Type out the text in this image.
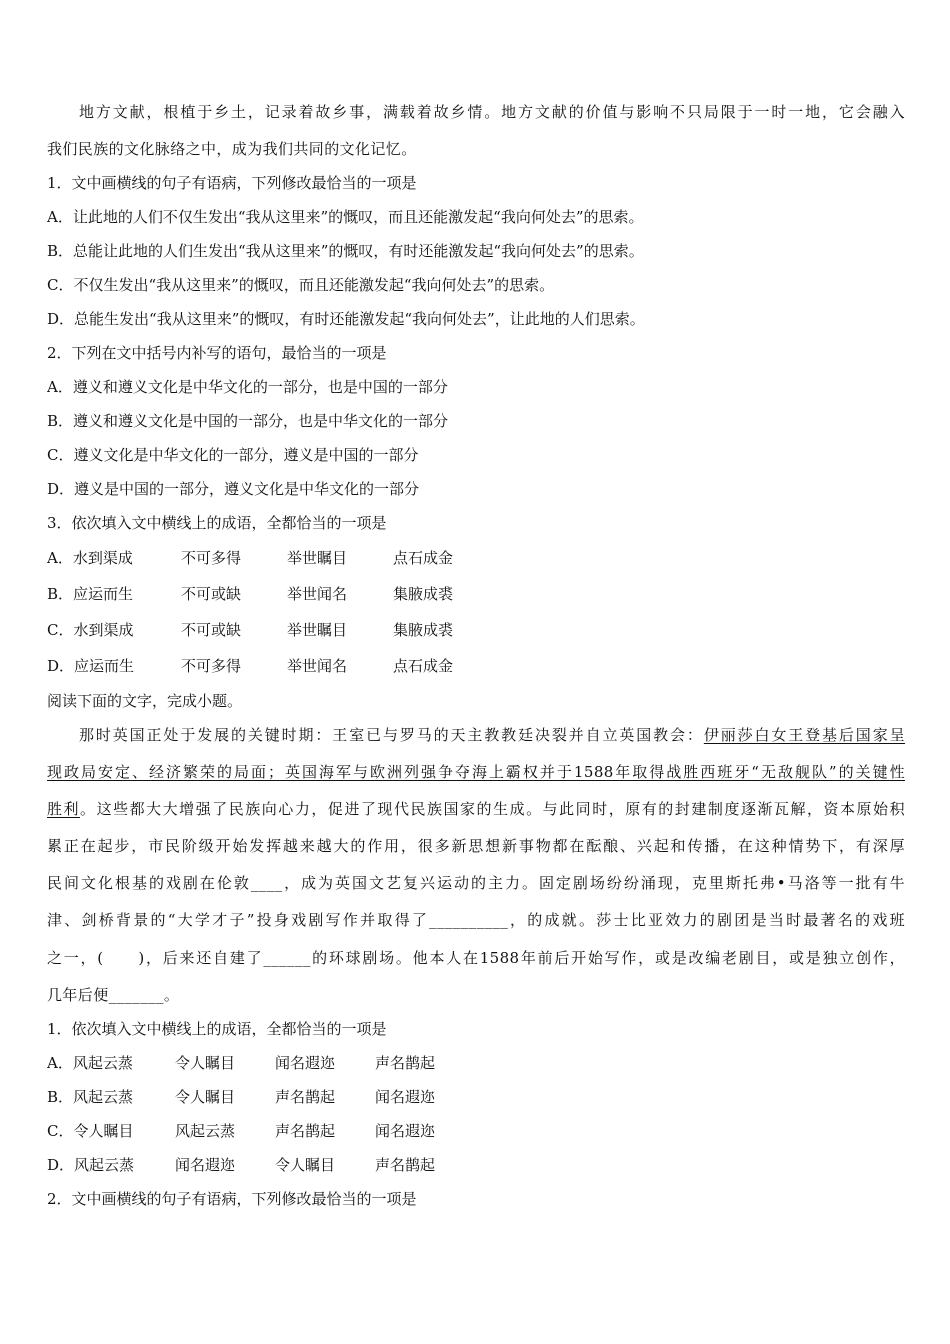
地方文献，根植于乡土，记录着故乡事，满载着故乡情。地方文献的价值与影响不只局限于一时一地，它会融入
我们民族的文化脉络之中，成为我们共同的文化记忆。
1．文中画横线的句子有语病，下列修改最恰当的一项是
A．让此地的人们不仅生发出“我从这里来”的慨叹，而且还能激发起“我向何处去”的思索。
B．总能让此地的人们生发出“我从这里来”的慨叹，有时还能激发起“我向何处去”的思索。
C．不仅生发出“我从这里来”的慨叹，而且还能激发起“我向何处去”的思索。
D．总能生发出“我从这里来”的慨叹，有时还能激发起“我向何处去”，让此地的人们思索。
2．下列在文中括号内补写的语句，最恰当的一项是
A．遵义和遵义文化是中华文化的一部分，也是中国的一部分
B．遵义和遵义文化是中国的一部分，也是中华文化的一部分
C．遵义文化是中华文化的一部分，遵义是中国的一部分
D．遵义是中国的一部分，遵义文化是中华文化的一部分
3．依次填入文中横线上的成语，全都恰当的一项是
A．水到渠成	不可多得	举世瞩目	点石成金
B．应运而生	不可或缺	举世闻名	集腋成裘
C．水到渠成	不可或缺	举世瞩目	集腋成裘
D．应运而生	不可多得	举世闻名	点石成金
阅读下面的文字，完成小题。
那时英国正处于发展的关键时期：王室已与罗马的天主教教廷决裂并自立英国教会：伊丽莎白女王登基后国家呈
现政局安定、经济繁荣的局面；英国海军与欧洲列强争夺海上霸权并于1588年取得战胜西班牙“无敌舰队”的关键性
胜利。这些都大大增强了民族向心力，促进了现代民族国家的生成。与此同时，原有的封建制度逐渐瓦解，资本原始积
累正在起步，市民阶级开始发挥越来越大的作用，很多新思想新事物都在酝酿、兴起和传播，在这种情势下，有深厚
民间文化根基的戏剧在伦敦____，成为英国文艺复兴运动的主力。固定剧场纷纷涌现，克里斯托弗•马洛等一批有牛
津、剑桥背景的“大学才子”投身戏剧写作并取得了__________，的成就。莎士比亚效力的剧团是当时最著名的戏班
之一，(　　)，后来还自建了______的环球剧场。他本人在1588年前后开始写作，或是改编老剧目，或是独立创作，
几年后便_______。
1．依次填入文中横线上的成语，全都恰当的一项是
A．风起云蒸	令人瞩目	闻名遐迩	声名鹊起
B．风起云蒸	令人瞩目	声名鹊起	闻名遐迩
C．令人瞩目	风起云蒸	声名鹊起	闻名遐迩
D．风起云蒸	闻名遐迩	令人瞩目	声名鹊起
2．文中画横线的句子有语病，下列修改最恰当的一项是
